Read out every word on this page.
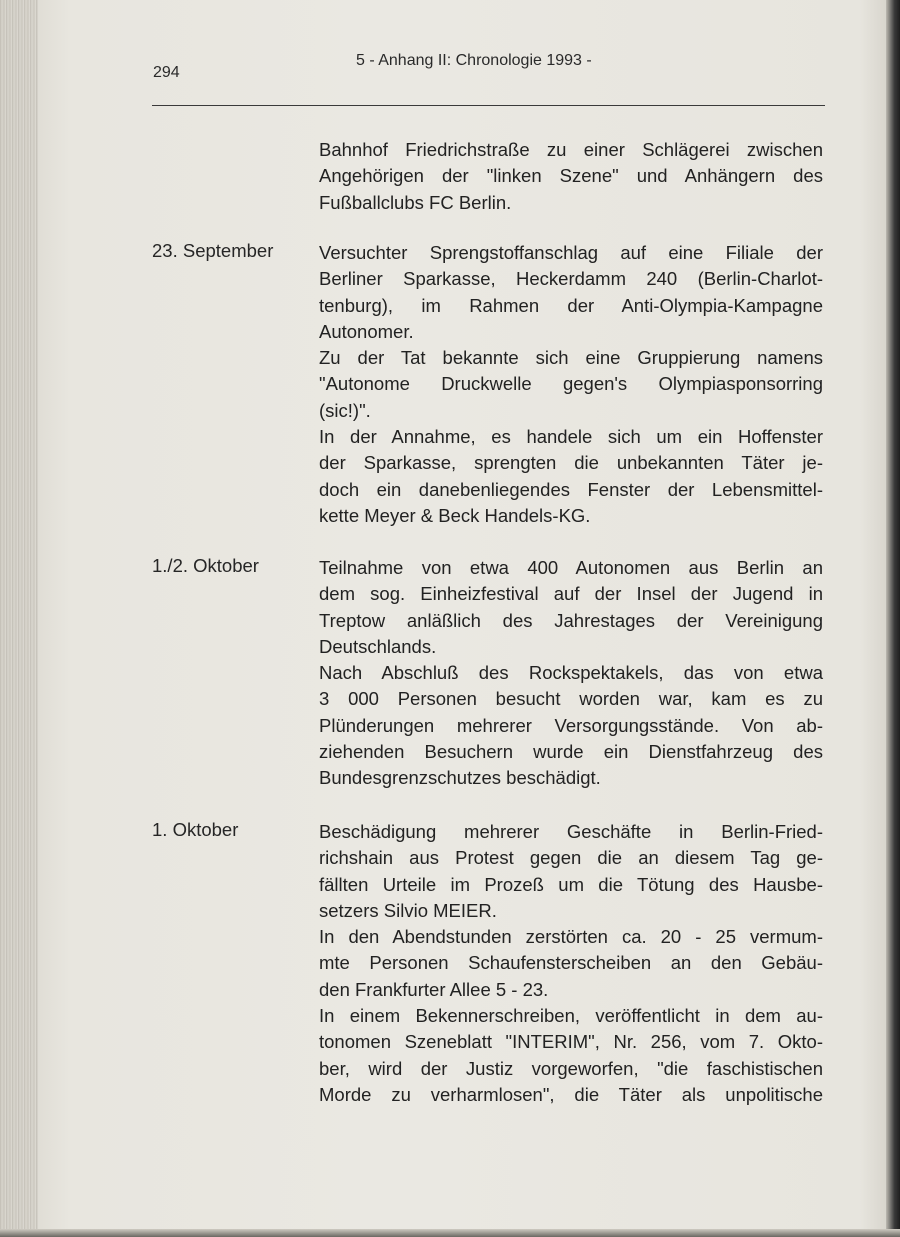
294
5 - Anhang II: Chronologie 1993 -
Bahnhof Friedrichstraße zu einer Schlägerei zwischen
Angehörigen der "linken Szene" und Anhängern des
Fußballclubs FC Berlin.
23. September Versuchter Sprengstoffanschlag auf eine Filiale der
Berliner Sparkasse, Heckerdamm 240 (Berlin-Charlot-
tenburg), im Rahmen der Anti-Olympia-Kampagne
Autonomer.
Zu der Tat bekannte sich eine Gruppierung namens
"Autonome Druckwelle gegen's Olympiasponsorring
(sic!)".
In der Annahme, es handele sich um ein Hoffenster
der Sparkasse, sprengten die unbekannten Täter je-
doch ein danebenliegendes Fenster der Lebensmittel-
kette Meyer & Beck Handels-KG.
1./2. Oktober	Teilnahme von etwa 400 Autonomen aus Berlin an
dem sog. Einheizfestival auf der Insel der Jugend in
Treptow anläßlich des Jahrestages der Vereinigung
Deutschlands.
Nach Abschluß des Rockspektakels, das von etwa
3 000 Personen besucht worden war, kam es zu
Plünderungen mehrerer Versorgungsstände. Von ab-
ziehenden Besuchern wurde ein Dienstfahrzeug des
Bundesgrenzschutzes beschädigt.
1. Oktober	Beschädigung mehrerer Geschäfte in Berlin-Fried-
richshain aus Protest gegen die an diesem Tag ge-
fällten Urteile im Prozeß um die Tötung des Hausbe-
setzers Silvio MEIER.
In den Abendstunden zerstörten ca. 20 - 25 vermum-
mte Personen Schaufensterscheiben an den Gebäu-
den Frankfurter Allee 5 - 23.
In einem Bekennerschreiben, veröffentlicht in dem au-
tonomen Szeneblatt "INTERIM", Nr. 256, vom 7. Okto-
ber, wird der Justiz vorgeworfen, "die faschistischen
Morde zu verharmlosen", die Täter als unpolitische
